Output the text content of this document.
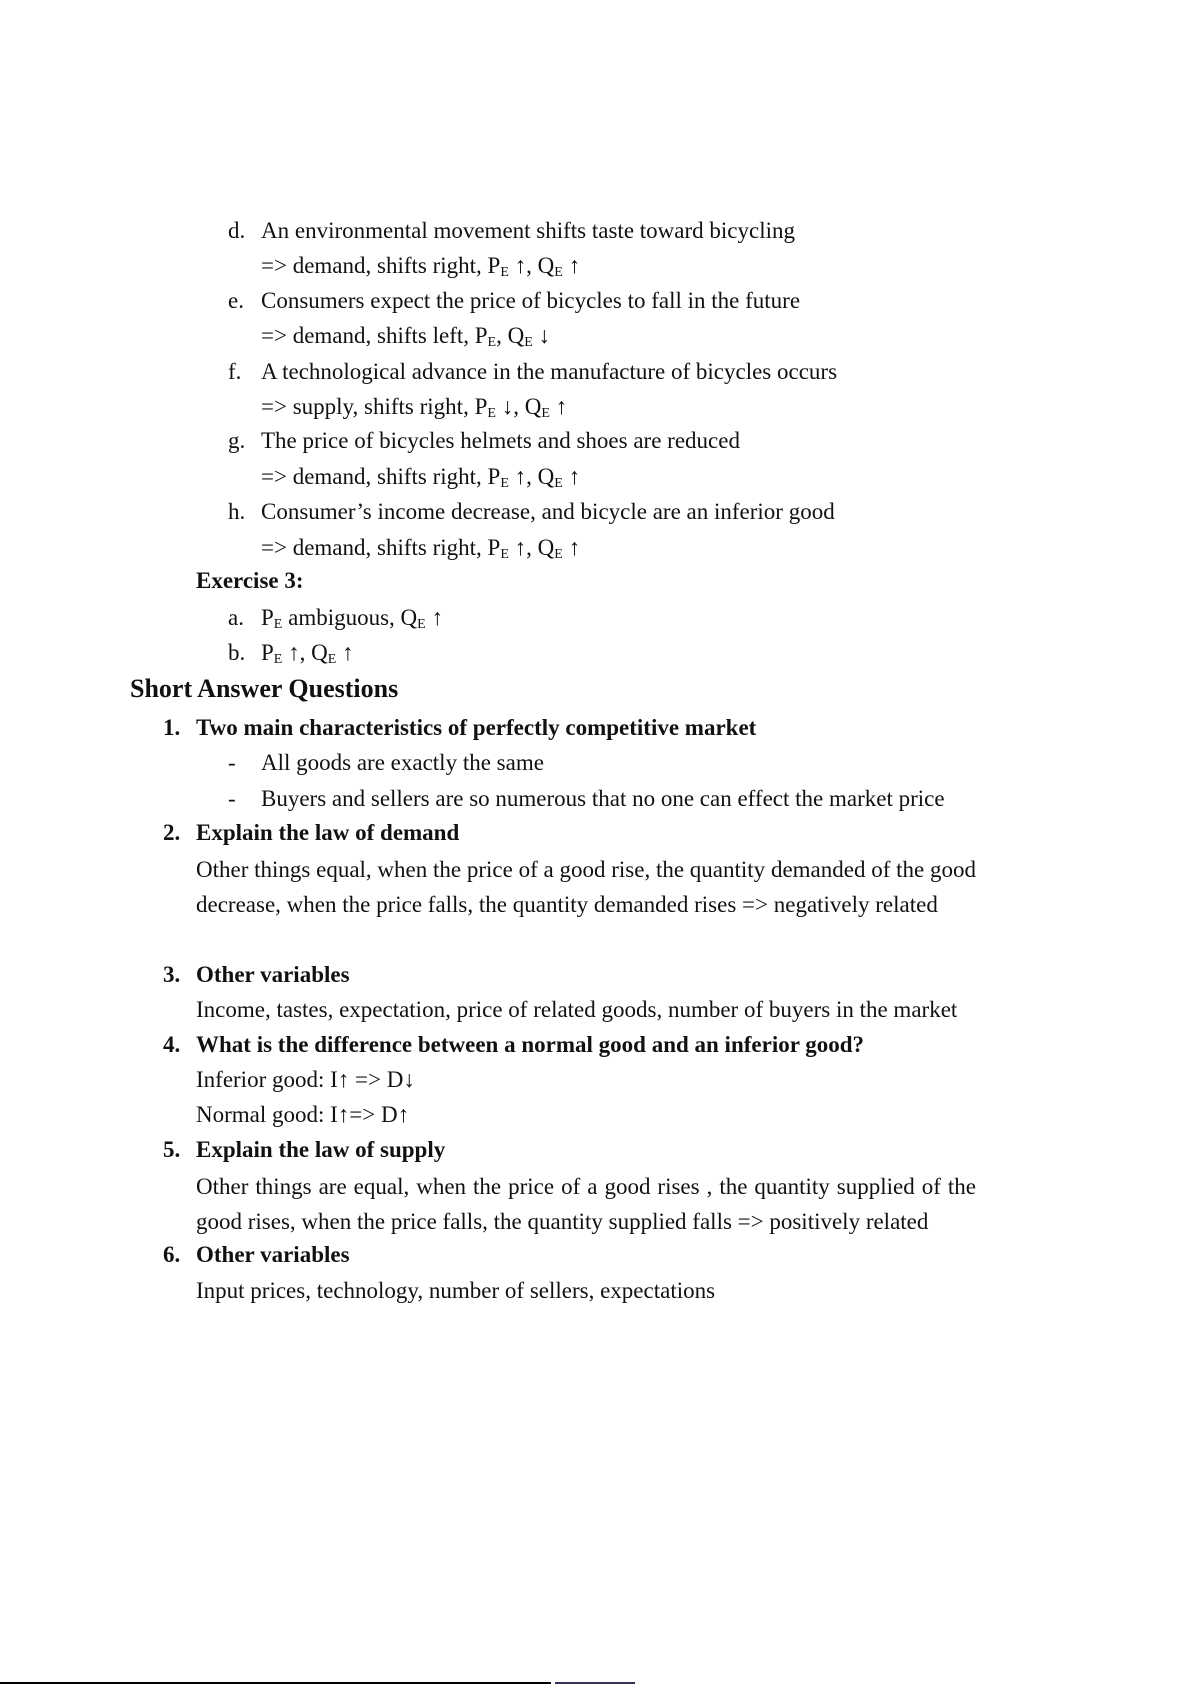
d. An environmental movement shifts taste toward bicycling
=> demand, shifts right, $P_E$ ↑, $Q_E$ ↑
e. Consumers expect the price of bicycles to fall in the future
=> demand, shifts left, $P_E$, $Q_E$ ↓
f. A technological advance in the manufacture of bicycles occurs
=> supply, shifts right, $P_E$ ↓, $Q_E$ ↑
g. The price of bicycles helmets and shoes are reduced
=> demand, shifts right, $P_E$ ↑, $Q_E$ ↑
h. Consumer’s income decrease, and bicycle are an inferior good
=> demand, shifts right, $P_E$ ↑, $Q_E$ ↑
Exercise 3:
a. $P_E$ ambiguous, $Q_E$ ↑
b. $P_E$ ↑, $Q_E$ ↑
Short Answer Questions
1. Two main characteristics of perfectly competitive market
- All goods are exactly the same
- Buyers and sellers are so numerous that no one can effect the market price
2. Explain the law of demand
Other things equal, when the price of a good rise, the quantity demanded of the good decrease, when the price falls, the quantity demanded rises => negatively related
3. Other variables
Income, tastes, expectation, price of related goods, number of buyers in the market
4. What is the difference between a normal good and an inferior good?
Inferior good: I↑ => D↓
Normal good: I↑=> D↑
5. Explain the law of supply
Other things are equal, when the price of a good rises , the quantity supplied of the good rises, when the price falls, the quantity supplied falls => positively related
6. Other variables
Input prices, technology, number of sellers, expectations
